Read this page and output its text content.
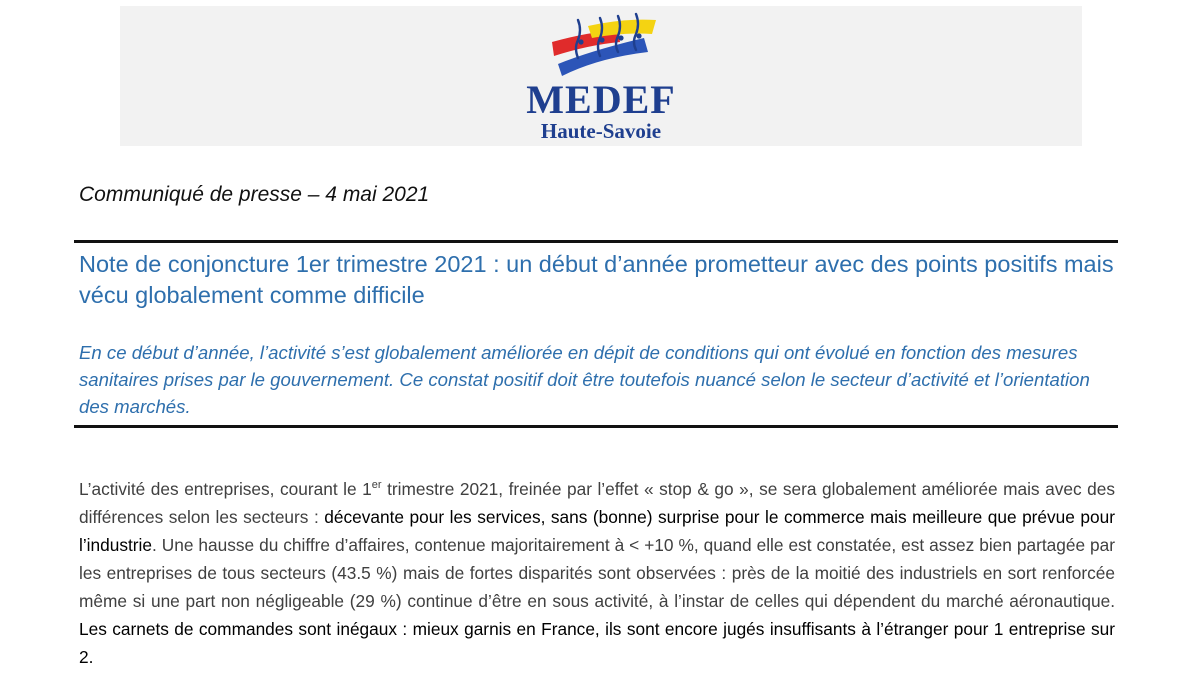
MEDEF
Haute-Savoie
Communiqué de presse – 4 mai 2021
Note de conjoncture 1er trimestre 2021 : un début d’année prometteur avec des points positifs mais vécu globalement comme difficile
En ce début d’année, l’activité s’est globalement améliorée en dépit de conditions qui ont évolué en fonction des mesures sanitaires prises par le gouvernement. Ce constat positif doit être toutefois nuancé selon le secteur d’activité et l’orientation des marchés.
L’activité des entreprises, courant le 1er trimestre 2021, freinée par l’effet « stop & go », se sera globalement améliorée mais avec des différences selon les secteurs : décevante pour les services, sans (bonne) surprise pour le commerce mais meilleure que prévue pour l’industrie. Une hausse du chiffre d’affaires, contenue majoritairement à < +10 %, quand elle est constatée, est assez bien partagée par les entreprises de tous secteurs (43.5 %) mais de fortes disparités sont observées : près de la moitié des industriels en sort renforcée même si une part non négligeable (29 %) continue d’être en sous activité, à l’instar de celles qui dépendent du marché aéronautique. Les carnets de commandes sont inégaux : mieux garnis en France, ils sont encore jugés insuffisants à l’étranger pour 1 entreprise sur 2.
